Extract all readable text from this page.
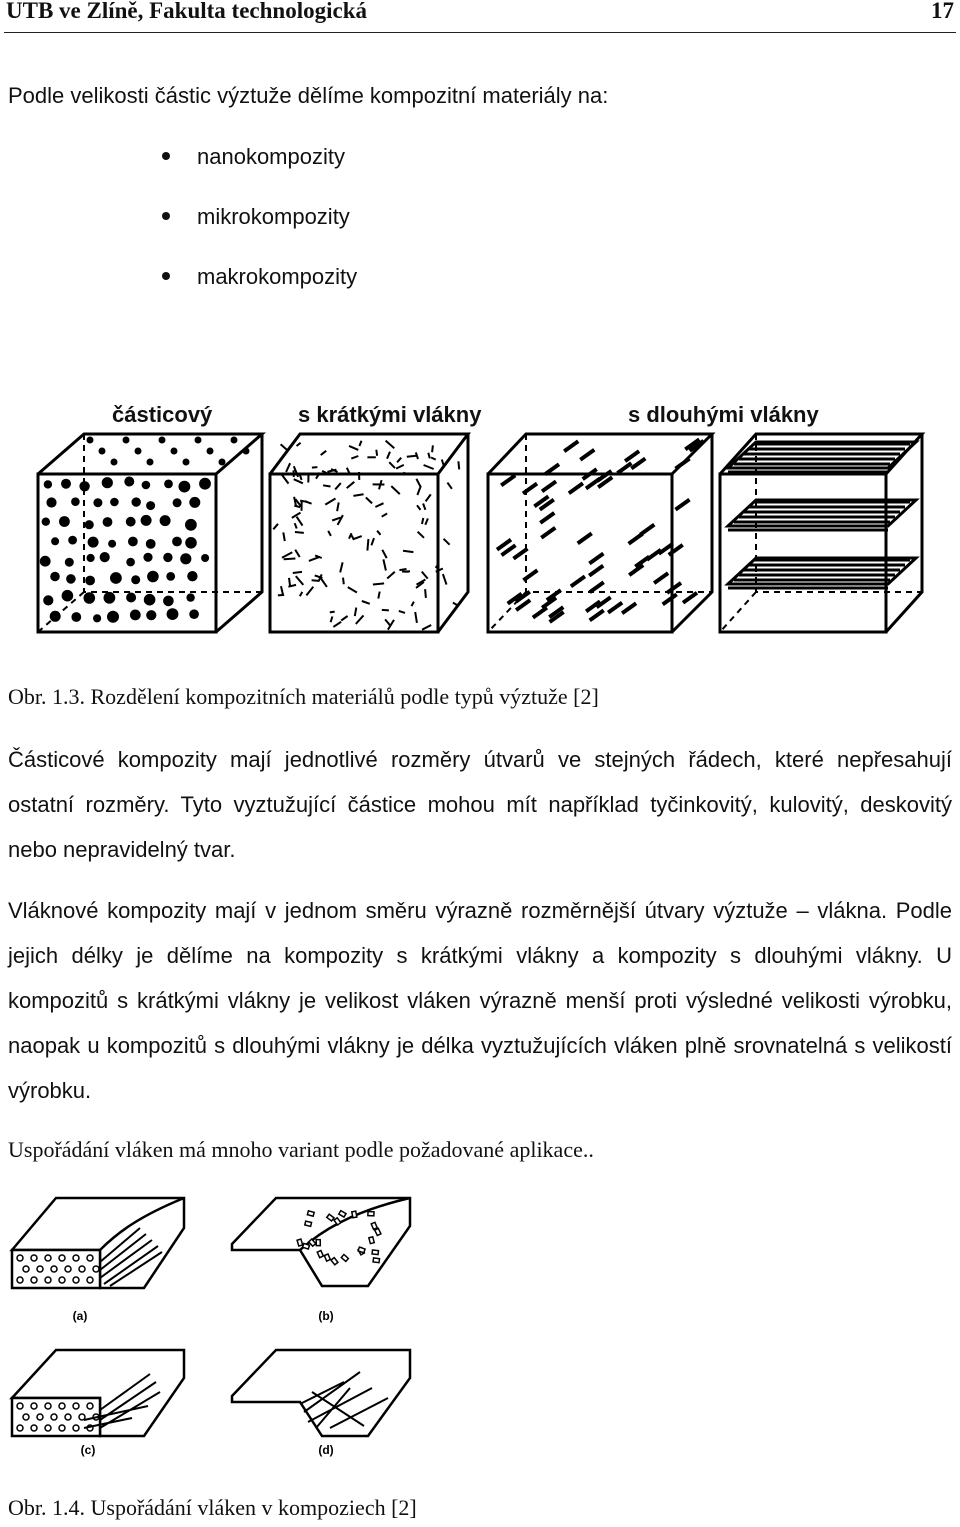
UTB ve Zlíně, Fakulta technologická	17
Podle velikosti částic výztuže dělíme kompozitní materiály na:
nanokompozity
mikrokompozity
makrokompozity
částicový	s krátkými vlákny	s dlouhými vlákny
Obr. 1.3. Rozdělení kompozitních materiálů podle typů výztuže [2]
Částicové kompozity mají jednotlivé rozměry útvarů ve stejných řádech, které nepřesahují ostatní rozměry. Tyto vyztužující částice mohou mít například tyčinkovitý, kulovitý, deskovitý nebo nepravidelný tvar.
Vláknové kompozity mají v jednom směru výrazně rozměrnější útvary výztuže – vlákna. Podle jejich délky je dělíme na kompozity s krátkými vlákny a kompozity s dlouhými vlákny. U kompozitů s krátkými vlákny je velikost vláken výrazně menší proti výsledné velikosti výrobku, naopak u kompozitů s dlouhými vlákny je délka vyztužujících vláken plně srovnatelná s velikostí výrobku.
Uspořádání vláken má mnoho variant podle požadované aplikace..
(a)	(b)
(c)	(d)
Obr. 1.4. Uspořádání vláken v kompoziech [2]
